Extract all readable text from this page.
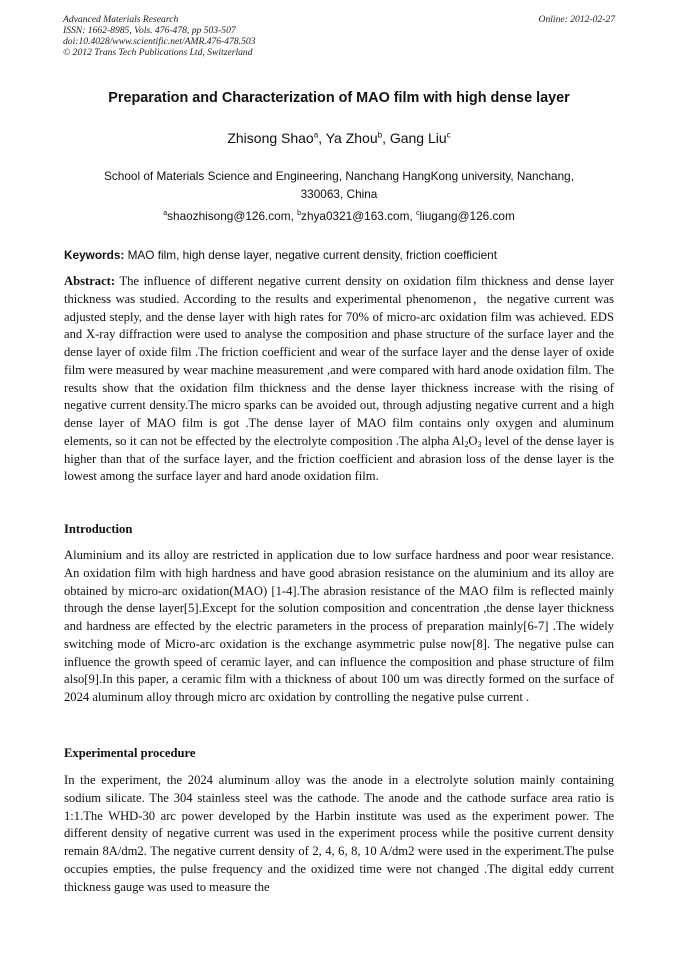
Advanced Materials Research
ISSN: 1662-8985, Vols. 476-478, pp 503-507
doi:10.4028/www.scientific.net/AMR.476-478.503
© 2012 Trans Tech Publications Ltd, Switzerland
Online: 2012-02-27
Preparation and Characterization of MAO film with high dense layer
Zhisong Shao$^a$, Ya Zhou$^b$, Gang Liu$^c$
School of Materials Science and Engineering, Nanchang HangKong university, Nanchang,
330063, China
$^a$shaozhisong@126.com, $^b$zhya0321@163.com, $^c$liugang@126.com
Keywords: MAO film, high dense layer, negative current density, friction coefficient
Abstract: The influence of different negative current density on oxidation film thickness and dense layer thickness was studied. According to the results and experimental phenomenon，the negative current was adjusted steply, and the dense layer with high rates for 70% of micro-arc oxidation film was achieved. EDS and X-ray diffraction were used to analyse the composition and phase structure of the surface layer and the dense layer of oxide film .The friction coefficient and wear of the surface layer and the dense layer of oxide film were measured by wear machine measurement ,and were compared with hard anode oxidation film. The results show that the oxidation film thickness and the dense layer thickness increase with the rising of negative current density.The micro sparks can be avoided out, through adjusting negative current and a high dense layer of MAO film is got .The dense layer of MAO film contains only oxygen and aluminum elements, so it can not be effected by the electrolyte composition .The alpha $Al_2O_3$ level of the dense layer is higher than that of the surface layer, and the friction coefficient and abrasion loss of the dense layer is the lowest among the surface layer and hard anode oxidation film.
Introduction
Aluminium and its alloy are restricted in application due to low surface hardness and poor wear resistance. An oxidation film with high hardness and have good abrasion resistance on the aluminium and its alloy are obtained by micro-arc oxidation(MAO) [1-4].The abrasion resistance of the MAO film is reflected mainly through the dense layer[5].Except for the solution composition and concentration ,the dense layer thickness and hardness are effected by the electric parameters in the process of preparation mainly[6-7] .The widely switching mode of Micro-arc oxidation is the exchange asymmetric pulse now[8]. The negative pulse can influence the growth speed of ceramic layer, and can influence the composition and phase structure of film also[9].In this paper, a ceramic film with a thickness of about 100 um was directly formed on the surface of 2024 aluminum alloy through micro arc oxidation by controlling the negative pulse current .
Experimental procedure
In the experiment, the 2024 aluminum alloy was the anode in a electrolyte solution mainly containing sodium silicate. The 304 stainless steel was the cathode. The anode and the cathode surface area ratio is 1:1.The WHD-30 arc power developed by the Harbin institute was used as the experiment power. The different density of negative current was used in the experiment process while the positive current density remain 8A/dm2. The negative current density of 2, 4, 6, 8, 10 A/dm2 were used in the experiment.The pulse occupies empties, the pulse frequency and the oxidized time were not changed .The digital eddy current thickness gauge was used to measure the
